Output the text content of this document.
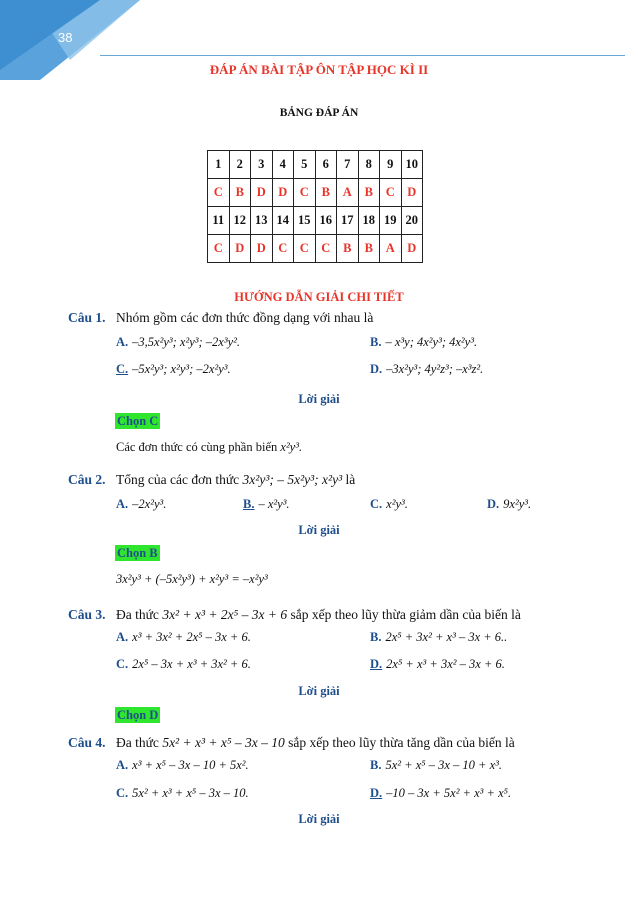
38
ĐÁP ÁN BÀI TẬP ÔN TẬP HỌC KÌ II
BẢNG ĐÁP ÁN
1	2	3	4	5	6	7	8	9	10
C	B	D	D	C	B	A	B	C	D
11	12	13	14	15	16	17	18	19	20
C	D	D	C	C	C	B	B	A	D
HƯỚNG DẪN GIẢI CHI TIẾT
Câu 1. Nhóm gồm các đơn thức đồng dạng với nhau là
A. –3,5x²y³; x²y³; –2x³y².	B. – x³y; 4x²y³; 4x²y³.
C. –5x²y³; x²y³; –2x²y³.	D. –3x²y³; 4y²z³; –x³z².
Lời giải
Chọn C
Các đơn thức có cùng phần biến x²y³.
Câu 2. Tổng của các đơn thức 3x²y³; – 5x²y³; x²y³ là
A. –2x²y³.	B. – x²y³.	C. x²y³.	D. 9x²y³.
Lời giải
Chọn B
3x²y³ + (–5x²y³) + x²y³ = –x²y³
Câu 3. Đa thức 3x² + x³ + 2x⁵ – 3x + 6 sắp xếp theo lũy thừa giảm dần của biến là
A. x³ + 3x² + 2x⁵ – 3x + 6.	B. 2x⁵ + 3x² + x³ – 3x + 6..
C. 2x⁵ – 3x + x³ + 3x² + 6.	D. 2x⁵ + x³ + 3x² – 3x + 6.
Lời giải
Chọn D
Câu 4. Đa thức 5x² + x³ + x⁵ – 3x – 10 sắp xếp theo lũy thừa tăng dần của biến là
A. x³ + x⁵ – 3x – 10 + 5x².	B. 5x² + x⁵ – 3x – 10 + x³.
C. 5x² + x³ + x⁵ – 3x – 10.	D. –10 – 3x + 5x² + x³ + x⁵.
Lời giải
